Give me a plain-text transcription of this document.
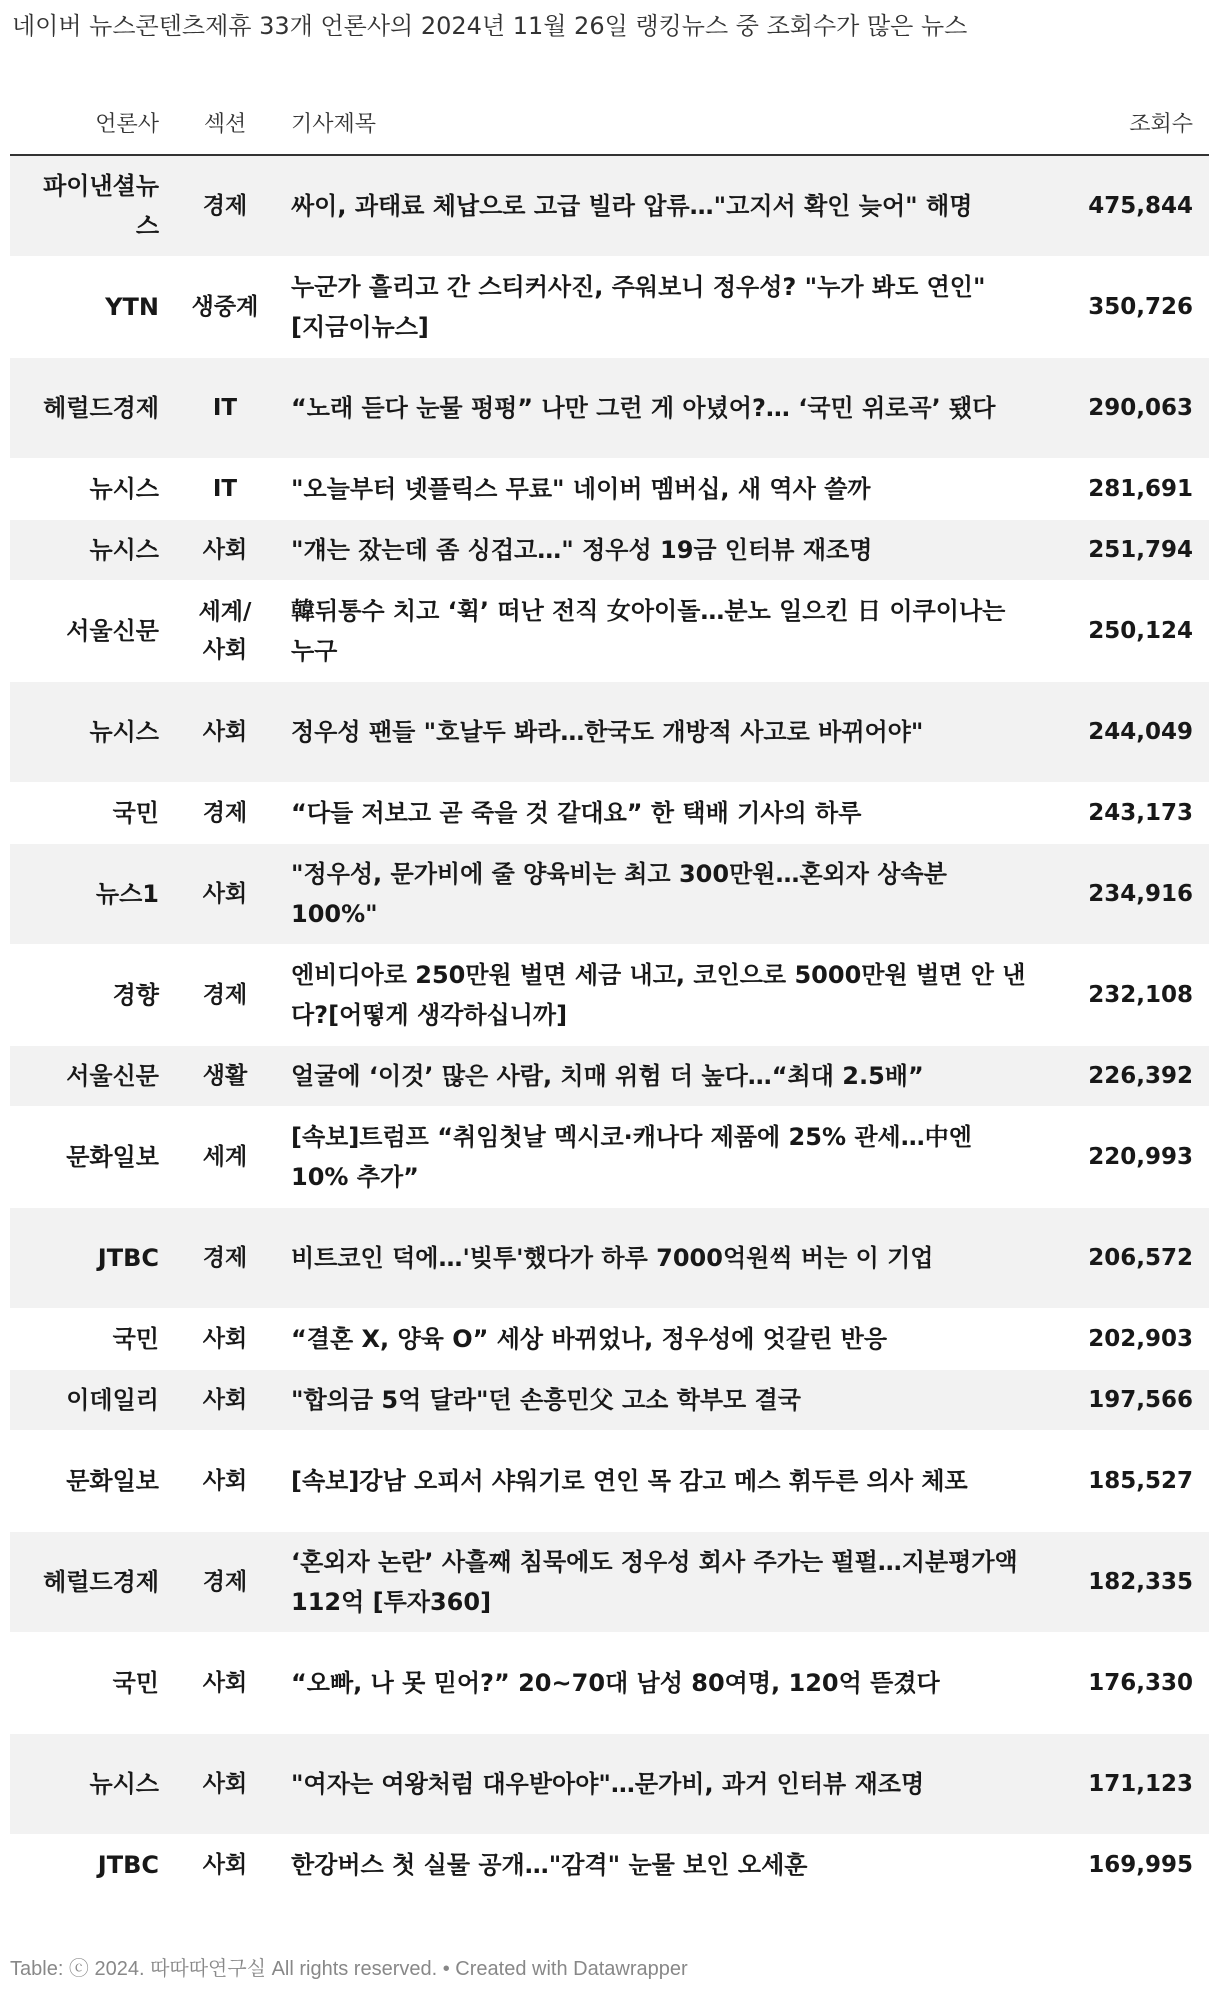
네이버 뉴스콘텐츠제휴 33개 언론사의 2024년 11월 26일 랭킹뉴스 중 조회수가 많은 뉴스
언론사	섹션	기사제목	조회수
파이낸셜뉴스	경제	싸이, 과태료 체납으로 고급 빌라 압류…"고지서 확인 늦어" 해명	475,844
YTN	생중계	누군가 흘리고 간 스티커사진, 주워보니 정우성? "누가 봐도 연인" [지금이뉴스]	350,726
헤럴드경제	IT	“노래 듣다 눈물 펑펑” 나만 그런 게 아녔어?… ‘국민 위로곡’ 됐다	290,063
뉴시스	IT	"오늘부터 넷플릭스 무료" 네이버 멤버십, 새 역사 쓸까	281,691
뉴시스	사회	"걔는 잤는데 좀 싱겁고…" 정우성 19금 인터뷰 재조명	251,794
서울신문	세계/사회	韓뒤통수 치고 ‘휙’ 떠난 전직 女아이돌…분노 일으킨 日 이쿠이나는 누구	250,124
뉴시스	사회	정우성 팬들 "호날두 봐라…한국도 개방적 사고로 바뀌어야"	244,049
국민	경제	“다들 저보고 곧 죽을 것 같대요” 한 택배 기사의 하루	243,173
뉴스1	사회	"정우성, 문가비에 줄 양육비는 최고 300만원…혼외자 상속분 100%"	234,916
경향	경제	엔비디아로 250만원 벌면 세금 내고, 코인으로 5000만원 벌면 안 낸다?[어떻게 생각하십니까]	232,108
서울신문	생활	얼굴에 ‘이것’ 많은 사람, 치매 위험 더 높다…“최대 2.5배”	226,392
문화일보	세계	[속보]트럼프 “취임첫날 멕시코·캐나다 제품에 25% 관세…中엔 10% 추가”	220,993
JTBC	경제	비트코인 덕에…'빚투'했다가 하루 7000억원씩 버는 이 기업	206,572
국민	사회	“결혼 X, 양육 O” 세상 바뀌었나, 정우성에 엇갈린 반응	202,903
이데일리	사회	"합의금 5억 달라"던 손흥민父 고소 학부모 결국	197,566
문화일보	사회	[속보]강남 오피서 샤워기로 연인 목 감고 메스 휘두른 의사 체포	185,527
헤럴드경제	경제	‘혼외자 논란’ 사흘째 침묵에도 정우성 회사 주가는 펄펄…지분평가액 112억 [투자360]	182,335
국민	사회	“오빠, 나 못 믿어?” 20~70대 남성 80여명, 120억 뜯겼다	176,330
뉴시스	사회	"여자는 여왕처럼 대우받아야"…문가비, 과거 인터뷰 재조명	171,123
JTBC	사회	한강버스 첫 실물 공개…"감격" 눈물 보인 오세훈	169,995
Table: ⓒ 2024. 따따따연구실 All rights reserved. • Created with Datawrapper
